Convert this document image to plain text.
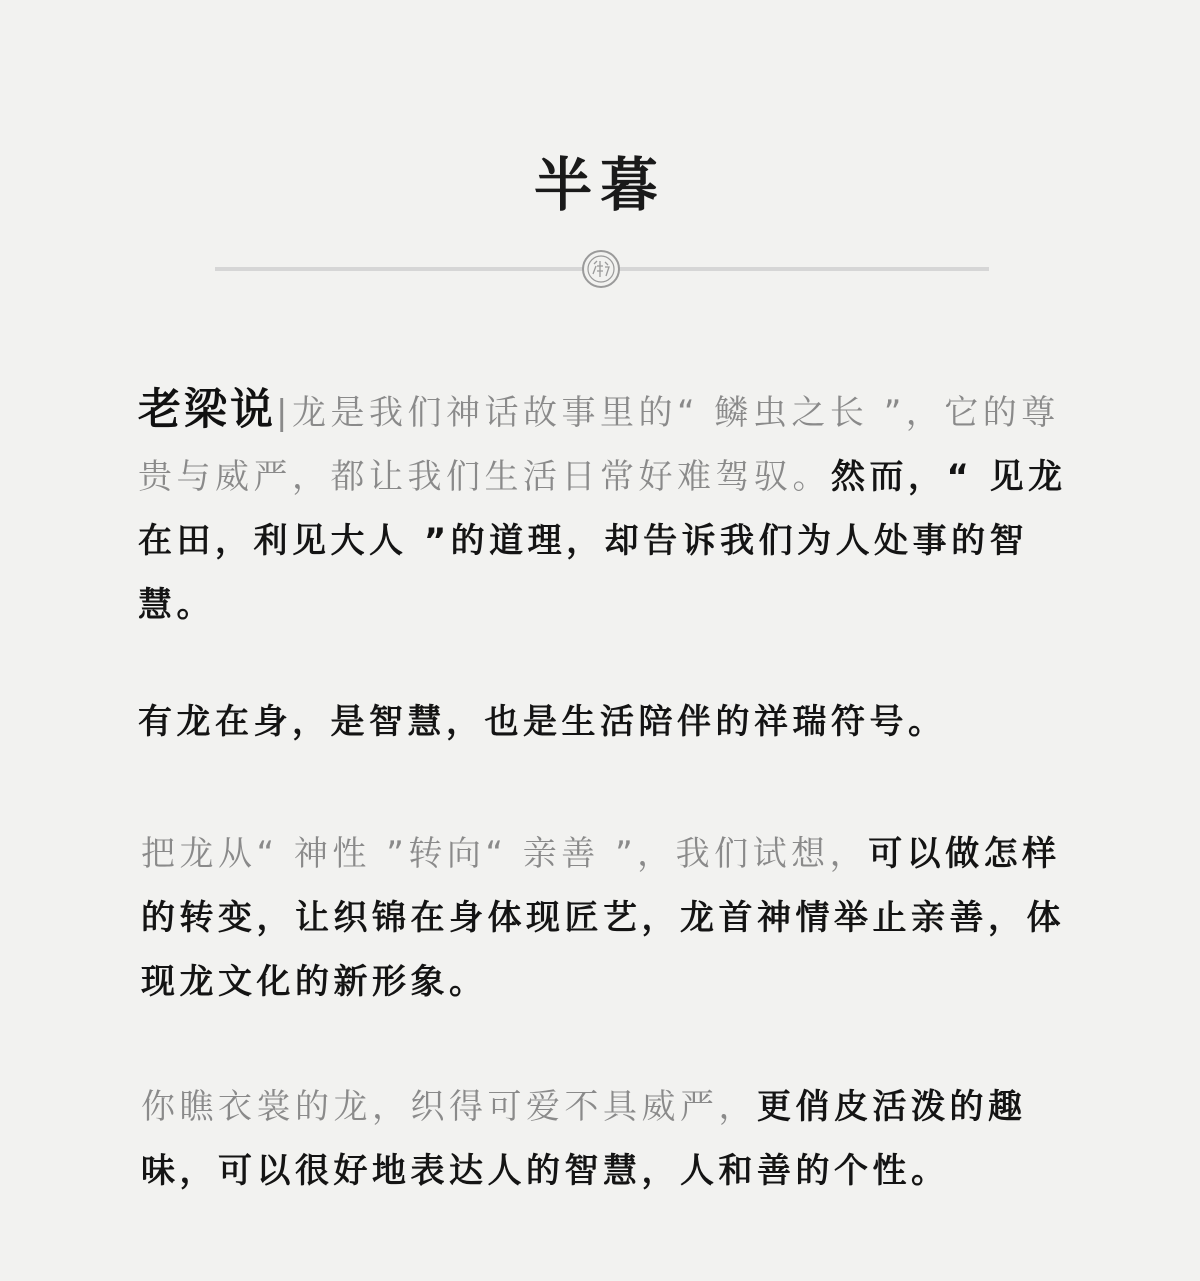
半暮

老梁说|龙是我们神话故事里的“ 鳞虫之长 ”，它的尊贵与威严，都让我们生活日常好难驾驭。然而，“ 见龙在田，利见大人 ”的道理，却告诉我们为人处事的智慧。

有龙在身，是智慧，也是生活陪伴的祥瑞符号。

把龙从“ 神性 ”转向“ 亲善 ”，我们试想，可以做怎样的转变，让织锦在身体现匠艺，龙首神情举止亲善，体现龙文化的新形象。

你瞧衣裳的龙，织得可爱不具威严，更俏皮活泼的趣味，可以很好地表达人的智慧，人和善的个性。
